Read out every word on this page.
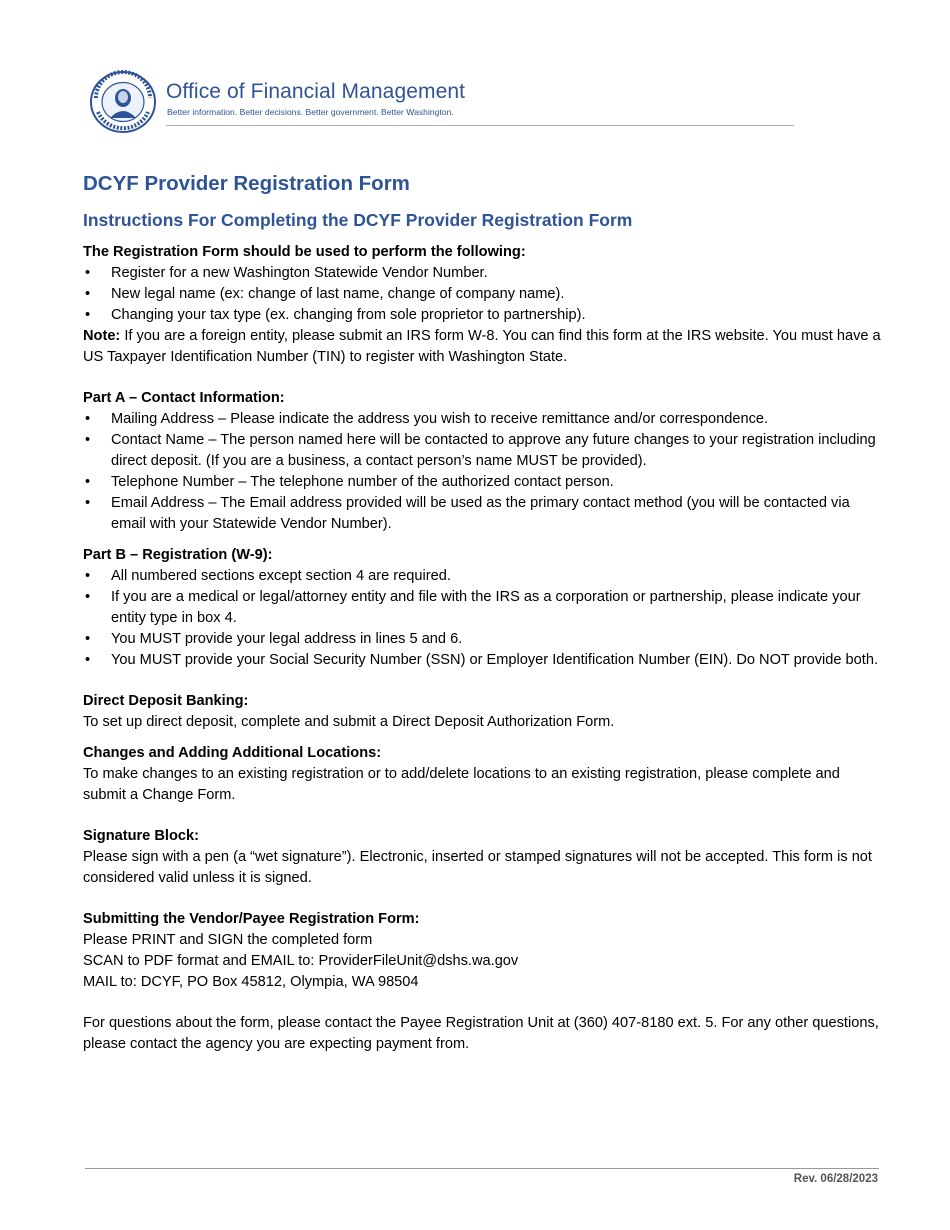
Office of Financial Management
Better information. Better decisions. Better government. Better Washington.
DCYF Provider Registration Form
Instructions For Completing the DCYF Provider Registration Form

The Registration Form should be used to perform the following:

• Register for a new Washington Statewide Vendor Number.
• New legal name (ex: change of last name, change of company name).
• Changing your tax type (ex. changing from sole proprietor to partnership).

Note: If you are a foreign entity, please submit an IRS form W-8. You can find this form at the IRS website. You must have a US Taxpayer Identification Number (TIN) to register with Washington State.

Part A – Contact Information:

• Mailing Address – Please indicate the address you wish to receive remittance and/or correspondence.
• Contact Name – The person named here will be contacted to approve any future changes to your registration including direct deposit. (If you are a business, a contact person’s name MUST be provided).
• Telephone Number – The telephone number of the authorized contact person.
• Email Address – The Email address provided will be used as the primary contact method (you will be contacted via email with your Statewide Vendor Number).

Part B – Registration (W-9):

• All numbered sections except section 4 are required.
• If you are a medical or legal/attorney entity and file with the IRS as a corporation or partnership, please indicate your entity type in box 4.
• You MUST provide your legal address in lines 5 and 6.
• You MUST provide your Social Security Number (SSN) or Employer Identification Number (EIN). Do NOT provide both.

Direct Deposit Banking:

To set up direct deposit, complete and submit a Direct Deposit Authorization Form.

Changes and Adding Additional Locations:

To make changes to an existing registration or to add/delete locations to an existing registration, please complete and submit a Change Form.

Signature Block:

Please sign with a pen (a “wet signature”). Electronic, inserted or stamped signatures will not be accepted. This form is not considered valid unless it is signed.

Submitting the Vendor/Payee Registration Form:

Please PRINT and SIGN the completed form

SCAN to PDF format and EMAIL to: ProviderFileUnit@dshs.wa.gov

MAIL to: DCYF, PO Box 45812, Olympia, WA 98504

For questions about the form, please contact the Payee Registration Unit at (360) 407-8180 ext. 5. For any other questions, please contact the agency you are expecting payment from.

Rev. 06/28/2023
